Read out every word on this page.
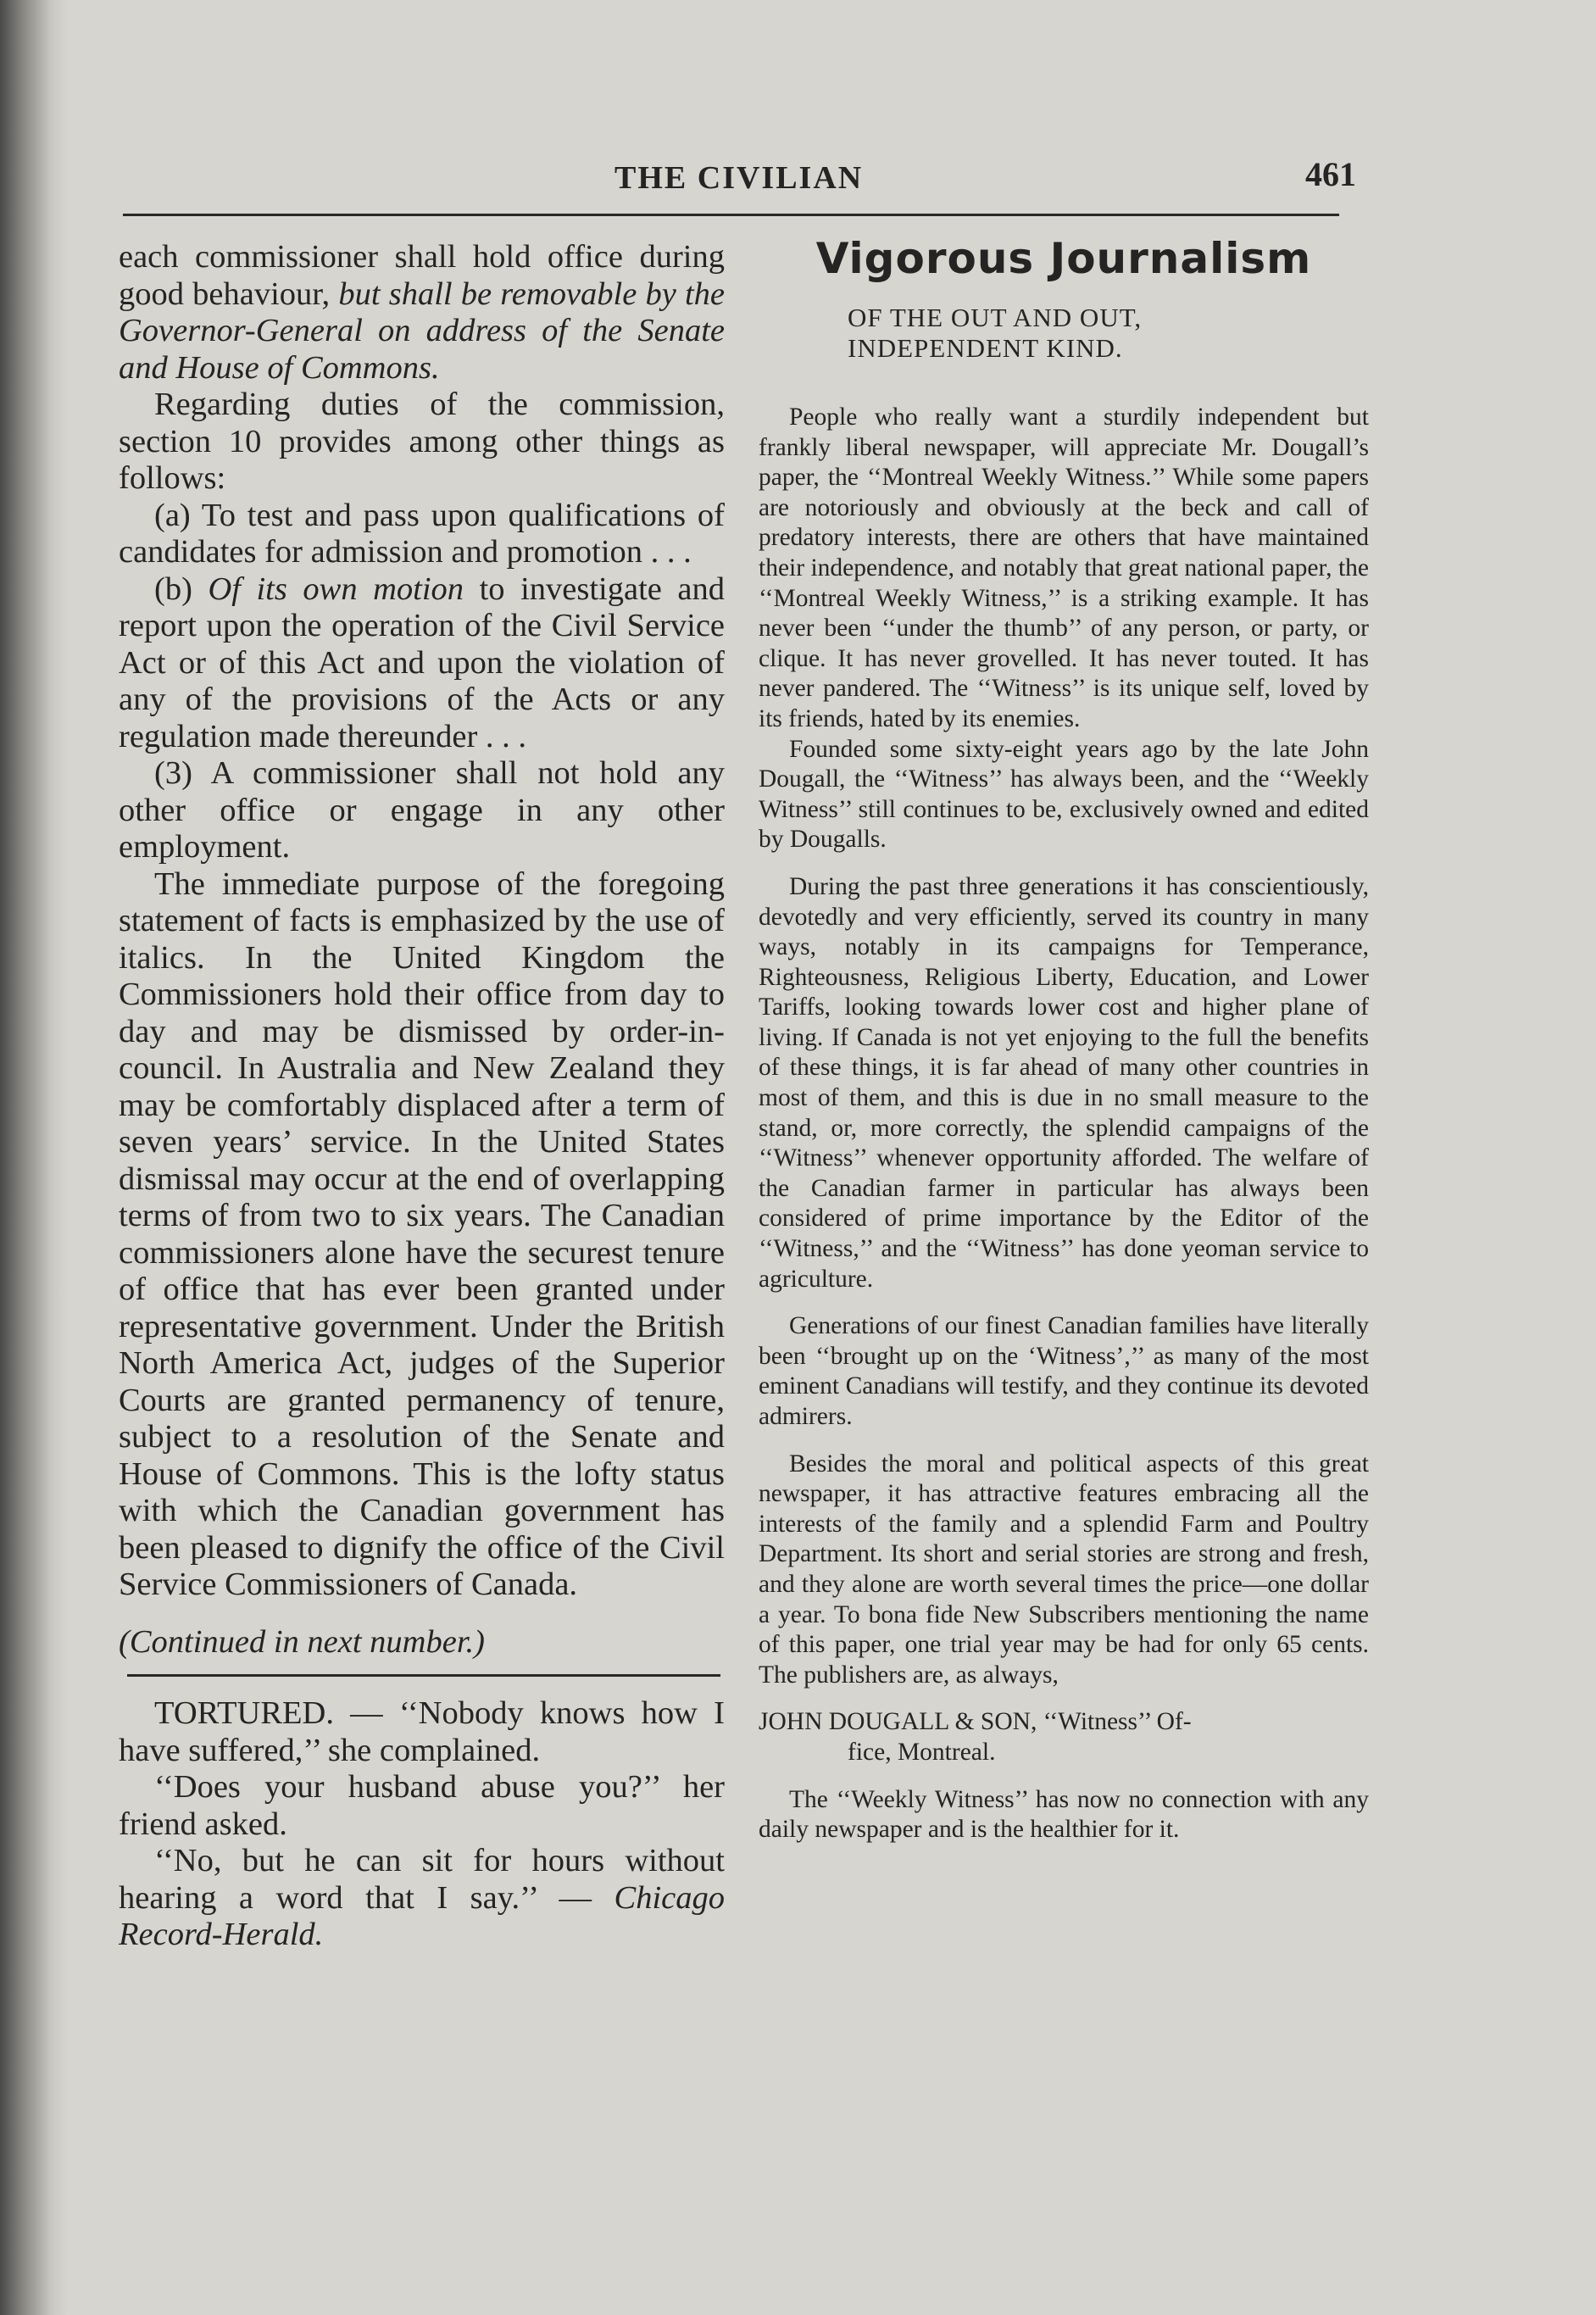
THE CIVILIAN	461

each commissioner shall hold office during good behaviour, but shall be removable by the Governor-General on address of the Senate and House of Commons.

Regarding duties of the commission, section 10 provides among other things as follows:

(a) To test and pass upon qualifications of candidates for admission and promotion . . .

(b) Of its own motion to investigate and report upon the operation of the Civil Service Act or of this Act and upon the violation of any of the provisions of the Acts or any regulation made thereunder . . .

(3) A commissioner shall not hold any other office or engage in any other employment.

The immediate purpose of the foregoing statement of facts is emphasized by the use of italics. In the United Kingdom the Commissioners hold their office from day to day and may be dismissed by order-in-council. In Australia and New Zealand they may be comfortably displaced after a term of seven years’ service. In the United States dismissal may occur at the end of overlapping terms of from two to six years. The Canadian commissioners alone have the securest tenure of office that has ever been granted under representative government. Under the British North America Act, judges of the Superior Courts are granted permanency of tenure, subject to a resolution of the Senate and House of Commons. This is the lofty status with which the Canadian government has been pleased to dignify the office of the Civil Service Commissioners of Canada.

(Continued in next number.)

TORTURED. — ‘‘Nobody knows how I have suffered,’’ she complained.

‘‘Does your husband abuse you?’’ her friend asked.

‘‘No, but he can sit for hours without hearing a word that I say.’’ — Chicago Record-Herald.

Vigorous Journalism
OF THE OUT AND OUT,
INDEPENDENT KIND.

People who really want a sturdily independent but frankly liberal newspaper, will appreciate Mr. Dougall’s paper, the ‘‘Montreal Weekly Witness.’’ While some papers are notoriously and obviously at the beck and call of predatory interests, there are others that have maintained their independence, and notably that great national paper, the ‘‘Montreal Weekly Witness,’’ is a striking example. It has never been ‘‘under the thumb’’ of any person, or party, or clique. It has never grovelled. It has never touted. It has never pandered. The ‘‘Witness’’ is its unique self, loved by its friends, hated by its enemies.

Founded some sixty-eight years ago by the late John Dougall, the ‘‘Witness’’ has always been, and the ‘‘Weekly Witness’’ still continues to be, exclusively owned and edited by Dougalls.

During the past three generations it has conscientiously, devotedly and very efficiently, served its country in many ways, notably in its campaigns for Temperance, Righteousness, Religious Liberty, Education, and Lower Tariffs, looking towards lower cost and higher plane of living. If Canada is not yet enjoying to the full the benefits of these things, it is far ahead of many other countries in most of them, and this is due in no small measure to the stand, or, more correctly, the splendid campaigns of the ‘‘Witness’’ whenever opportunity afforded. The welfare of the Canadian farmer in particular has always been considered of prime importance by the Editor of the ‘‘Witness,’’ and the ‘‘Witness’’ has done yeoman service to agriculture.

Generations of our finest Canadian families have literally been ‘‘brought up on the ‘Witness’,’’ as many of the most eminent Canadians will testify, and they continue its devoted admirers.

Besides the moral and political aspects of this great newspaper, it has attractive features embracing all the interests of the family and a splendid Farm and Poultry Department. Its short and serial stories are strong and fresh, and they alone are worth several times the price—one dollar a year. To bona fide New Subscribers mentioning the name of this paper, one trial year may be had for only 65 cents. The publishers are, as always,

JOHN DOUGALL & SON, ‘‘Witness’’ Of-
fice, Montreal.

The ‘‘Weekly Witness’’ has now no connection with any daily newspaper and is the healthier for it.
